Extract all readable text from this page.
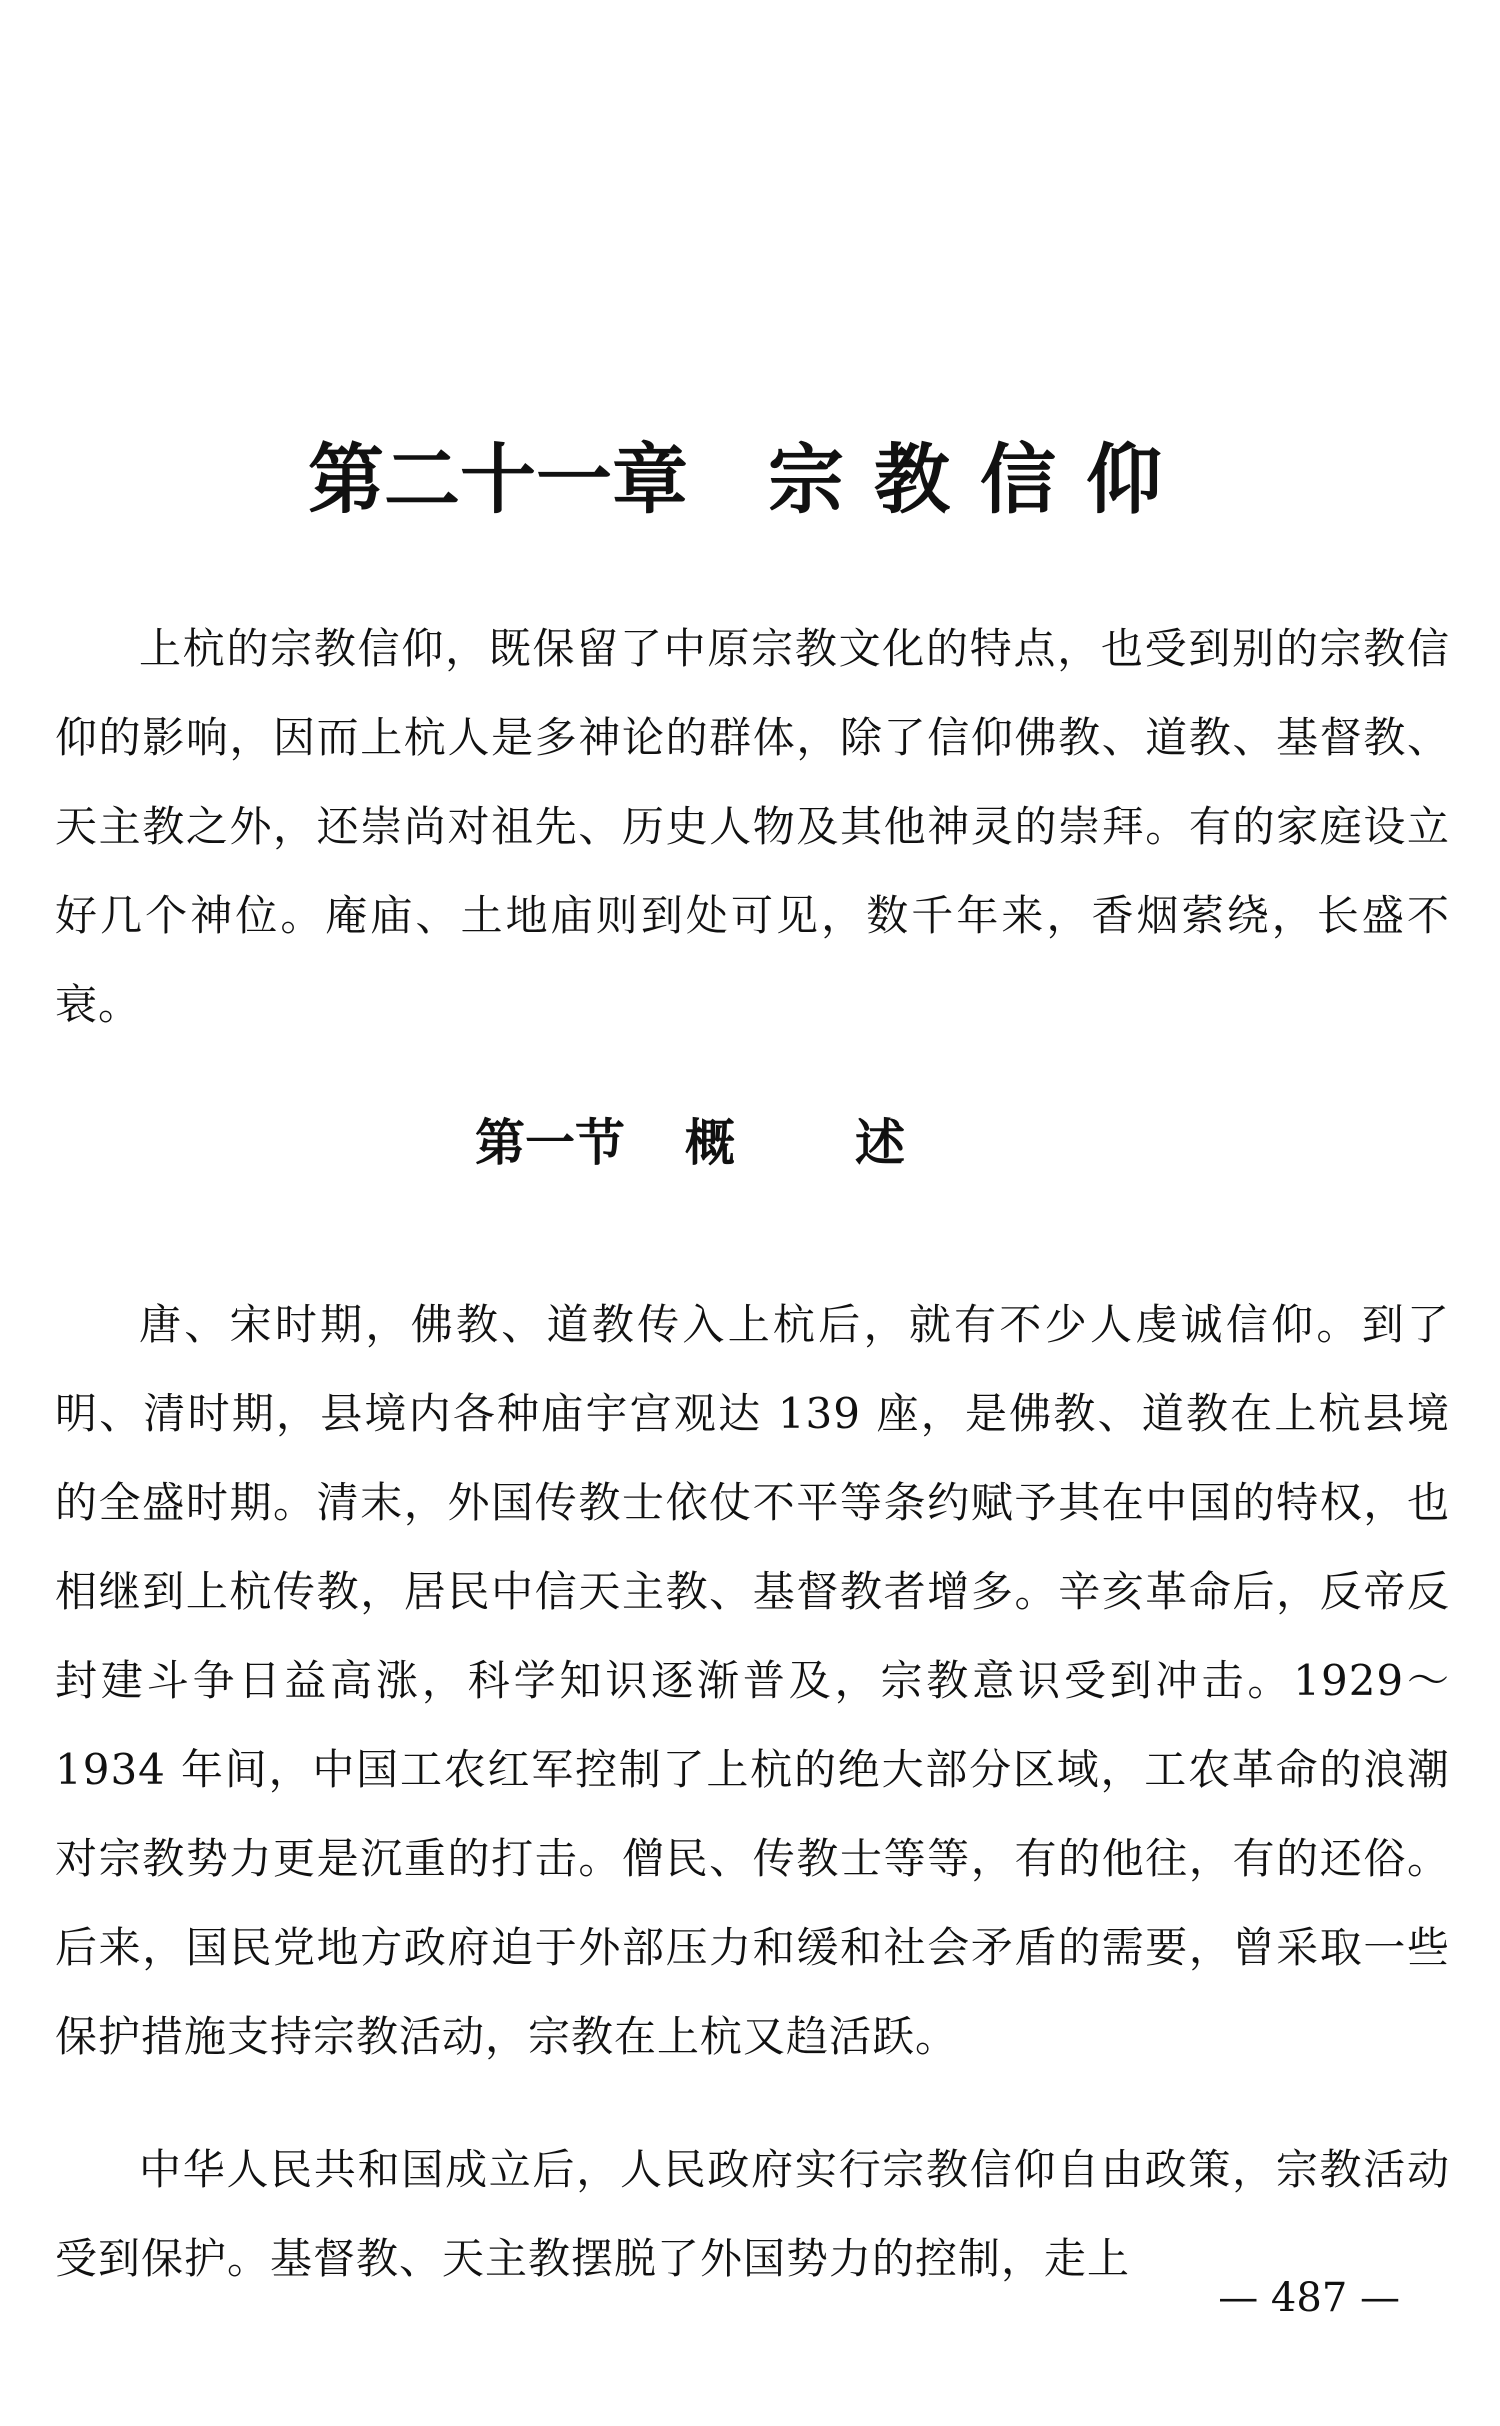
第二十一章 宗教信仰

上杭的宗教信仰，既保留了中原宗教文化的特点，也受到别的宗教信仰的影响，因而上杭人是多神论的群体，除了信仰佛教、道教、基督教、天主教之外，还崇尚对祖先、历史人物及其他神灵的崇拜。有的家庭设立好几个神位。庵庙、土地庙则到处可见，数千年来，香烟萦绕，长盛不衰。

第一节 概述

唐、宋时期，佛教、道教传入上杭后，就有不少人虔诚信仰。到了明、清时期，县境内各种庙宇宫观达 139 座，是佛教、道教在上杭县境的全盛时期。清末，外国传教士依仗不平等条约赋予其在中国的特权，也相继到上杭传教，居民中信天主教、基督教者增多。辛亥革命后，反帝反封建斗争日益高涨，科学知识逐渐普及，宗教意识受到冲击。1929～1934 年间，中国工农红军控制了上杭的绝大部分区域，工农革命的浪潮对宗教势力更是沉重的打击。僧民、传教士等等，有的他往，有的还俗。后来，国民党地方政府迫于外部压力和缓和社会矛盾的需要，曾采取一些保护措施支持宗教活动，宗教在上杭又趋活跃。

中华人民共和国成立后，人民政府实行宗教信仰自由政策，宗教活动受到保护。基督教、天主教摆脱了外国势力的控制，走上

— 487 —
